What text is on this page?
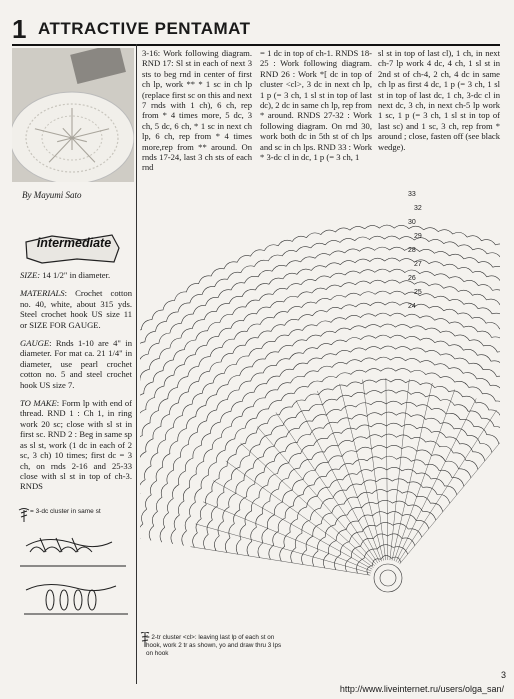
1 ATTRACTIVE PENTAMAT
By Mayumi Sato
intermediate

SIZE: 14 1/2" in diameter.

MATERIALS: Crochet cotton no. 40, white, about 315 yds. Steel crochet hook US size 11 or SIZE FOR GAUGE.

GAUGE: Rnds 1-10 are 4" in diameter. For mat ca. 21 1/4" in diameter, use pearl crochet cotton no. 5 and steel crochet hook US size 7.

TO MAKE: Form lp with end of thread. RND 1 : Ch 1, in ring work 20 sc; close with sl st in first sc. RND 2 : Beg in same sp as sl st, work (1 dc in each of 2 sc, 3 ch) 10 times; first dc = 3 ch, on rnds 2-16 and 25-33 close with sl st in top of ch-3. RNDS

= 3-dc cluster in same st
= 2-tr cluster <cl>: leaving last lp of each st on hook, work 2 tr as shown, yo and draw thru 3 lps on hook
3-16: Work following diagram. RND 17: Sl st in each of next 3 sts to beg rnd in center of first ch lp, work ** * 1 sc in ch lp (replace first sc on this and next 7 rnds with 1 ch), 6 ch, rep from * 4 times more, 5 dc, 3 ch, 5 dc, 6 ch, * 1 sc in next ch lp, 6 ch, rep from * 4 times more,rep from ** around. On rnds 17-24, last 3 ch sts of each rnd
= 1 dc in top of ch-1. RNDS 18-25 : Work following diagram. RND 26 : Work *[ dc in top of cluster <cl>, 3 dc in next ch lp, 1 p (= 3 ch, 1 sl st in top of last dc), 2 dc in same ch lp, rep from * around. RNDS 27-32 : Work following diagram. On rnd 30, work both dc in 5th st of ch lps and sc in ch lps. RND 33 : Work * 3-dc cl in dc, 1 p (= 3 ch, 1
sl st in top of last cl), 1 ch, in next ch-7 lp work 4 dc, 4 ch, 1 sl st in 2nd st of ch-4, 2 ch, 4 dc in same ch lp as first 4 dc, 1 p (= 3 ch, 1 sl st in top of last dc, 1 ch, 3-dc cl in next dc, 3 ch, in next ch-5 lp work 1 sc, 1 p (= 3 ch, 1 sl st in top of last sc) and 1 sc, 3 ch, rep from * around ; close, fasten off (see black wedge).
33
32
30
29
28
27
26
25
24
3
http://www.liveinternet.ru/users/olga_san/
